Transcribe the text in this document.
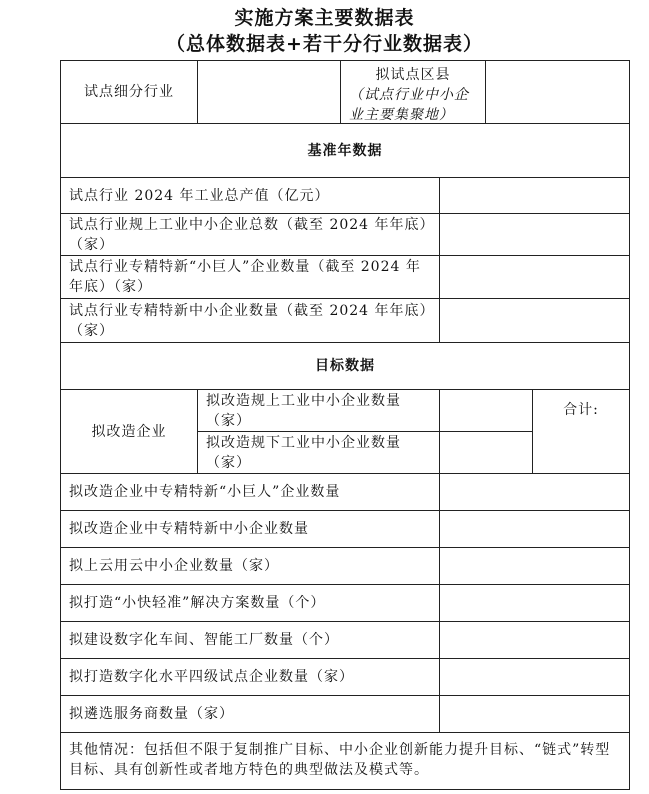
实施方案主要数据表
（总体数据表+若干分行业数据表）
试点细分行业
拟试点区县
（试点行业中小企业主要集聚地）
基准年数据
试点行业 2024 年工业总产值（亿元）
试点行业规上工业中小企业总数（截至 2024 年年底）（家）
试点行业专精特新“小巨人”企业数量（截至 2024 年年底）（家）
试点行业专精特新中小企业数量（截至 2024 年年底）（家）
目标数据
拟改造企业
拟改造规上工业中小企业数量（家）
拟改造规下工业中小企业数量（家）
合计:
拟改造企业中专精特新“小巨人”企业数量
拟改造企业中专精特新中小企业数量
拟上云用云中小企业数量（家）
拟打造“小快轻准”解决方案数量（个）
拟建设数字化车间、智能工厂数量（个）
拟打造数字化水平四级试点企业数量（家）
拟遴选服务商数量（家）
其他情况：包括但不限于复制推广目标、中小企业创新能力提升目标、“链式”转型目标、具有创新性或者地方特色的典型做法及模式等。
